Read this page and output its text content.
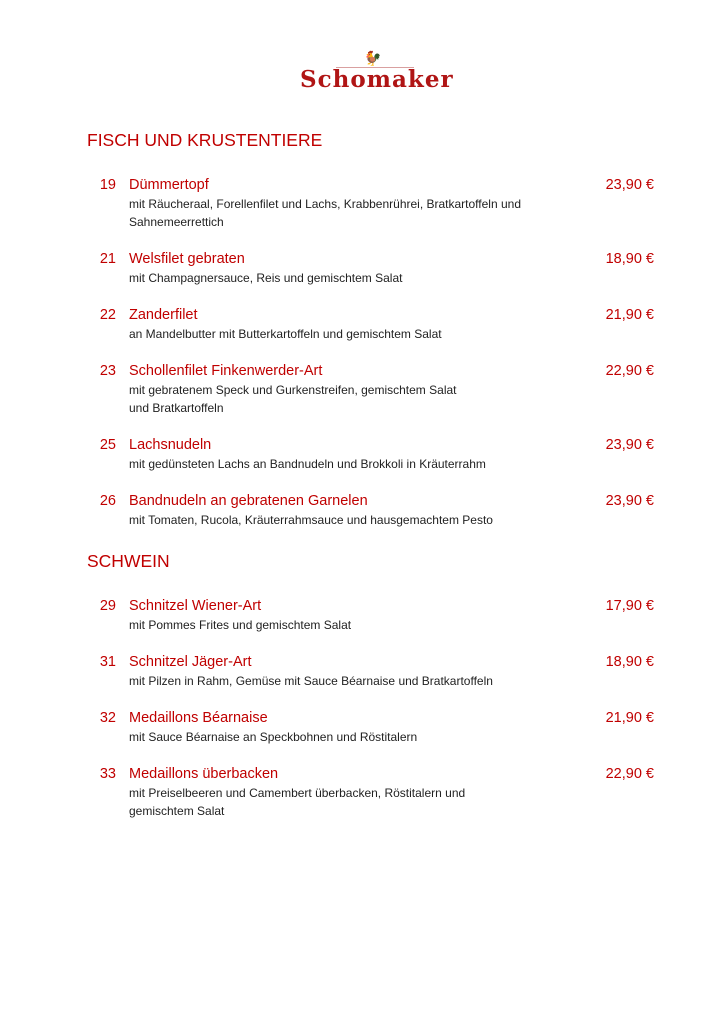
🐓
Schomaker
FISCH UND KRUSTENTIERE
19	23,90 €
Dümmertopf
mit Räucheraal, Forellenfilet und Lachs, Krabbenrührei, Bratkartoffeln und
Sahnemeerrettich
21	18,90 €
Welsfilet gebraten
mit Champagnersauce, Reis und gemischtem Salat
22	21,90 €
Zanderfilet
an Mandelbutter mit Butterkartoffeln und gemischtem Salat
23	22,90 €
Schollenfilet Finkenwerder-Art
mit gebratenem Speck und Gurkenstreifen, gemischtem Salat
und Bratkartoffeln
25	23,90 €
Lachsnudeln
mit gedünsteten Lachs an Bandnudeln und Brokkoli in Kräuterrahm
26	23,90 €
Bandnudeln an gebratenen Garnelen
mit Tomaten, Rucola, Kräuterrahmsauce und hausgemachtem Pesto
SCHWEIN
29	17,90 €
Schnitzel Wiener-Art
mit Pommes Frites und gemischtem Salat
31	18,90 €
Schnitzel Jäger-Art
mit Pilzen in Rahm, Gemüse mit Sauce Béarnaise und Bratkartoffeln
32	21,90 €
Medaillons Béarnaise
mit Sauce Béarnaise an Speckbohnen und Röstitalern
33	22,90 €
Medaillons überbacken
mit Preiselbeeren und Camembert überbacken, Röstitalern und
gemischtem Salat
